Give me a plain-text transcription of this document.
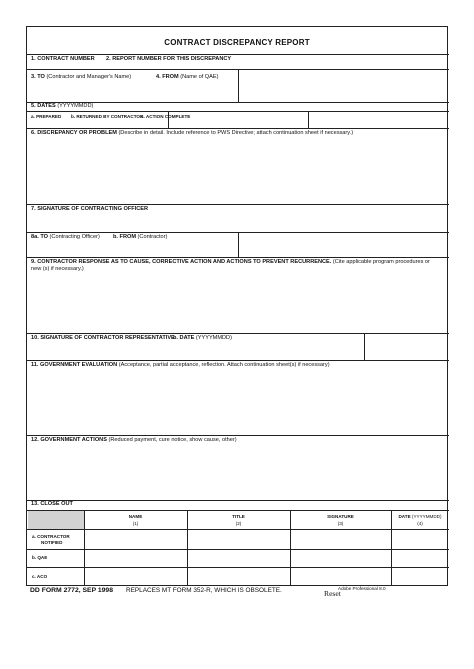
CONTRACT DISCREPANCY REPORT
1. CONTRACT NUMBER 2. REPORT NUMBER FOR THIS DISCREPANCY
3. TO (Contractor and Manager's Name)	4. FROM (Name of QAE)
5. DATES (YYYYMMDD)
a. PREPARED b. RETURNED BY CONTRACTOR
c. ACTION COMPLETE
6. DISCREPANCY OR PROBLEM (Describe in detail. Include reference to PWS Directive; attach continuation sheet if necessary.)
7. SIGNATURE OF CONTRACTING OFFICER
8a. TO (Contracting Officer) b. FROM (Contractor)
9. CONTRACTOR RESPONSE AS TO CAUSE, CORRECTIVE ACTION AND ACTIONS TO PREVENT RECURRENCE. (Cite applicable program procedures or new (s) if necessary.)
10. SIGNATURE OF CONTRACTOR REPRESENTATIVE
b. DATE (YYYYMMDD)
11. GOVERNMENT EVALUATION (Acceptance, partial acceptance, reflection. Attach continuation sheet(s) if necessary)
12. GOVERNMENT ACTIONS (Reduced payment, cure notice, show cause, other)
13. CLOSE OUT
NAME
(1)
TITLE
(2)
SIGNATURE
(3)
DATE (YYYYMMDD)
(4)
a. CONTRACTOR
NOTIFIED
b. QAE
c. ACO
DD FORM 2772, SEP 1998 REPLACES MT FORM 352-R, WHICH IS OBSOLETE.	Adobe Professional 8.0
Reset
